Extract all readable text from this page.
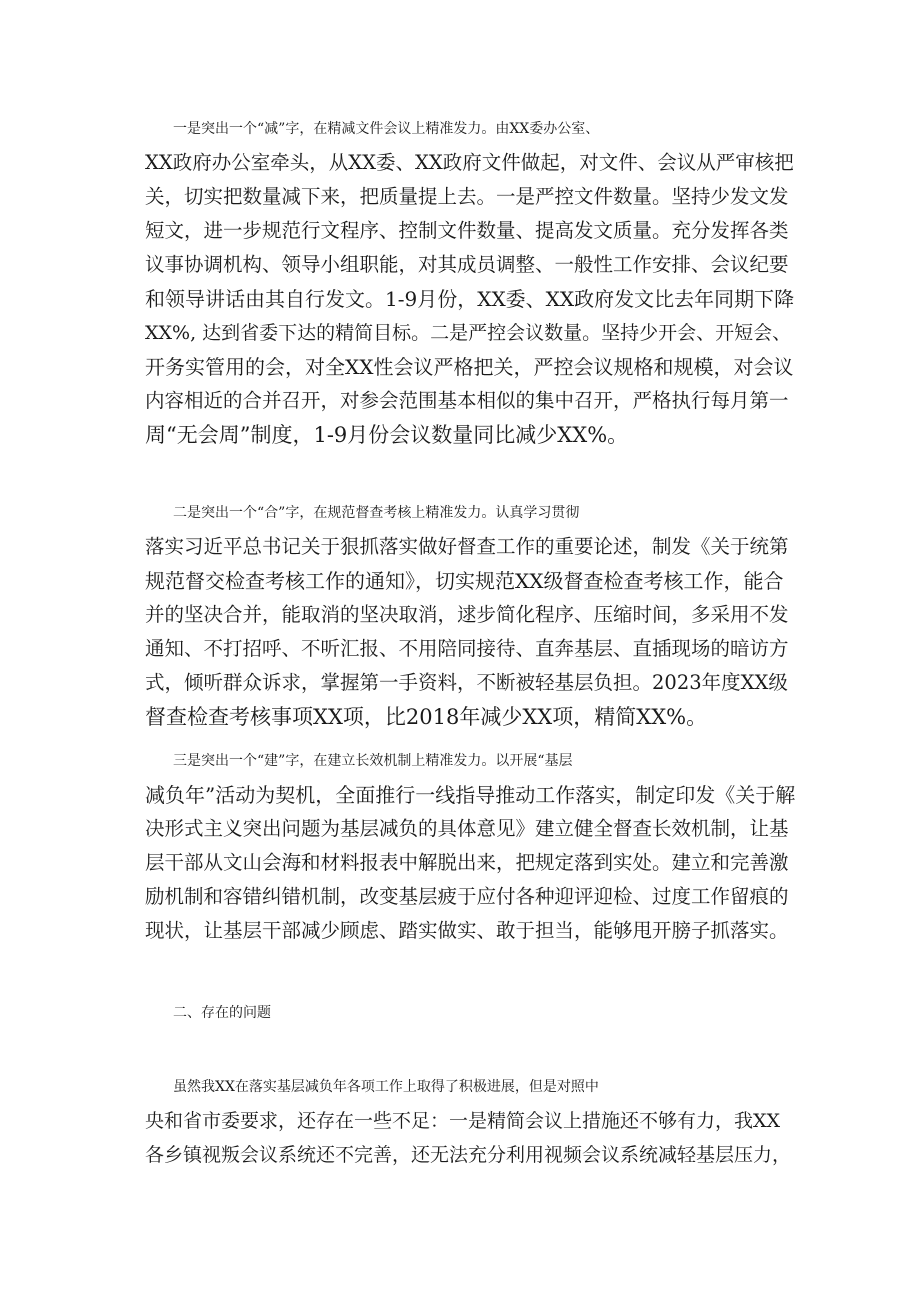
一是突出一个“减”字，在精减文件会议上精准发力。由XX委办公室、
XX政府办公室牵头，从XX委、XX政府文件做起，对文件、会议从严审核把
关，切实把数量减下来，把质量提上去。一是严控文件数量。坚持少发文发
短文，进一步规范行文程序、控制文件数量、提高发文质量。充分发挥各类
议事协调机构、领导小组职能，对其成员调整、一般性工作安排、会议纪要
和领导讲话由其自行发文。1-9月份，XX委、XX政府发文比去年同期下降
XX%, 达到省委下达的精简目标。二是严控会议数量。坚持少开会、开短会、
开务实管用的会，对全XX性会议严格把关，严控会议规格和规模，对会议
内容相近的合并召开，对参会范围基本相似的集中召开，严格执行每月第一
周“无会周”制度，1-9月份会议数量同比减少XX%。
二是突出一个“合”字，在规范督查考核上精准发力。认真学习贯彻
落实习近平总书记关于狠抓落实做好督查工作的重要论述，制发《关于统第
规范督交检查考核工作的通知》，切实规范XX级督查检查考核工作，能合
并的坚决合并，能取消的坚决取消，逑步简化程序、压缩时间，多采用不发
通知、不打招呼、不听汇报、不用陪同接待、直奔基层、直插现场的暗访方
式，倾听群众诉求，掌握第一手资料，不断被轻基层负担。2023年度XX级
督查检查考核事项XX项，比2018年减少XX项，精简XX%。
三是突出一个“建”字，在建立长效机制上精准发力。以开展“基层
减负年”活动为契机，全面推行一线指导推动工作落实，制定印发《关于解
决形式主义突出问题为基层减负的具体意见》建立健全督查长效机制，让基
层干部从文山会海和材料报表中解脱出来，把规定落到实处。建立和完善激
励机制和容错纠错机制，改变基层疲于应付各种迎评迎检、过度工作留痕的
现状，让基层干部减少顾虑、踏实做实、敢于担当，能够甩开膀子抓落实。
二、存在的问题
虽然我XX在落实基层减负年各项工作上取得了积极进展，但是对照中
央和省市委要求，还存在一些不足：一是精简会议上措施还不够有力，我XX
各乡镇视叛会议系统还不完善，还无法充分利用视频会议系统减轻基层压力，
